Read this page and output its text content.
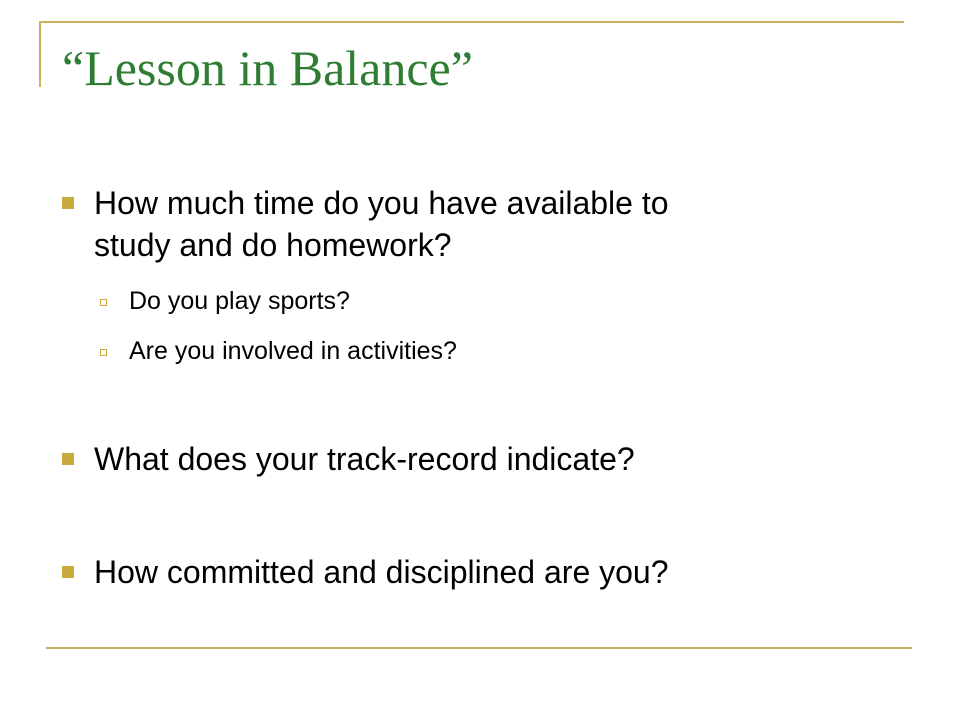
“Lesson in Balance”
How much time do you have available to
study and do homework?
Do you play sports?
Are you involved in activities?
What does your track-record indicate?
How committed and disciplined are you?
